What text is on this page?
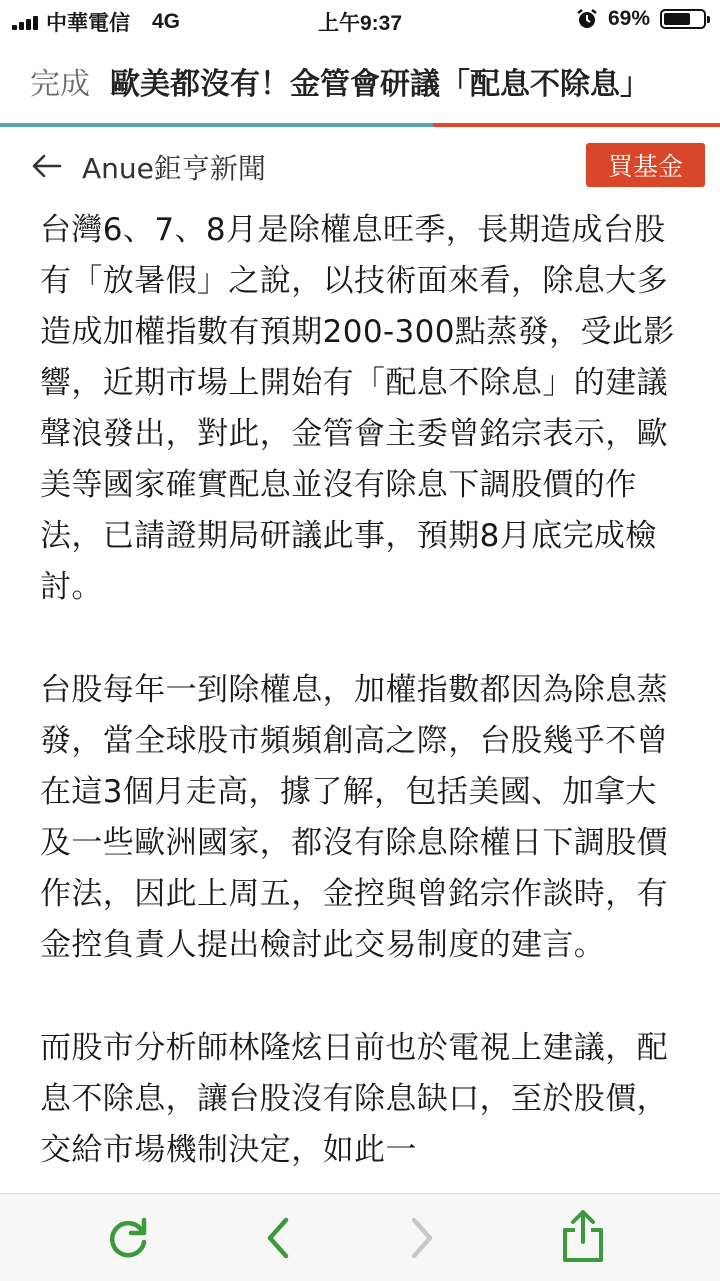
中華電信 4G	上午9:37	69%
完成 歐美都沒有！金管會研議「配息不除息」
Anue鉅亨新聞	買基金

台灣6、7、8月是除權息旺季，長期造成台股有「放暑假」之說，以技術面來看，除息大多造成加權指數有預期200-300點蒸發，受此影響，近期市場上開始有「配息不除息」的建議聲浪發出，對此，金管會主委曾銘宗表示，歐美等國家確實配息並沒有除息下調股價的作法，已請證期局研議此事，預期8月底完成檢討。

台股每年一到除權息，加權指數都因為除息蒸發，當全球股市頻頻創高之際，台股幾乎不曾在這3個月走高，據了解，包括美國、加拿大及一些歐洲國家，都沒有除息除權日下調股價作法，因此上周五，金控與曾銘宗作談時，有金控負責人提出檢討此交易制度的建言。

而股市分析師林隆炫日前也於電視上建議，配息不除息，讓台股沒有除息缺口，至於股價，交給市場機制決定，如此一
